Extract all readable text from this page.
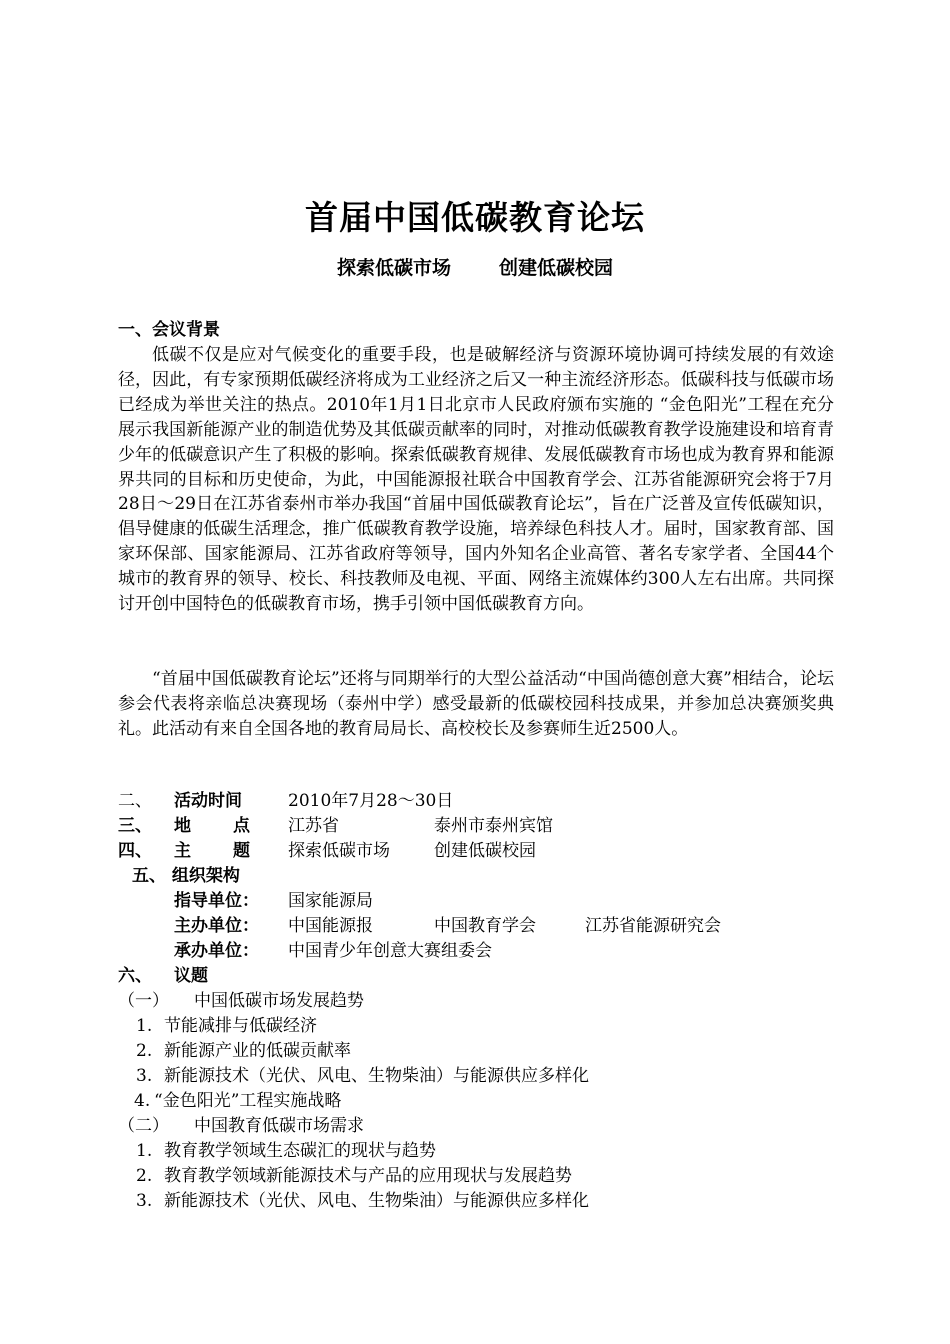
首届中国低碳教育论坛
探索低碳市场	创建低碳校园
一、会议背景

低碳不仅是应对气候变化的重要手段，也是破解经济与资源环境协调可持续发展的有效途径，因此，有专家预期低碳经济将成为工业经济之后又一种主流经济形态。低碳科技与低碳市场已经成为举世关注的热点。2010年1月1日北京市人民政府颁布实施的 “金色阳光”工程在充分展示我国新能源产业的制造优势及其低碳贡献率的同时，对推动低碳教育教学设施建设和培育青少年的低碳意识产生了积极的影响。探索低碳教育规律、发展低碳教育市场也成为教育界和能源界共同的目标和历史使命，为此，中国能源报社联合中国教育学会、江苏省能源研究会将于7月28日～29日在江苏省泰州市举办我国“首届中国低碳教育论坛”，旨在广泛普及宣传低碳知识，倡导健康的低碳生活理念，推广低碳教育教学设施，培养绿色科技人才。届时，国家教育部、国家环保部、国家能源局、江苏省政府等领导，国内外知名企业高管、著名专家学者、全国44个城市的教育界的领导、校长、科技教师及电视、平面、网络主流媒体约300人左右出席。共同探讨开创中国特色的低碳教育市场，携手引领中国低碳教育方向。

“首届中国低碳教育论坛”还将与同期举行的大型公益活动“中国尚德创意大赛”相结合，论坛参会代表将亲临总决赛现场（泰州中学）感受最新的低碳校园科技成果，并参加总决赛颁奖典礼。此活动有来自全国各地的教育局局长、高校校长及参赛师生近2500人。

二、 活动时间	2010年7月28～30日
三、 地 点 江苏省	泰州市泰州宾馆
四、 主 题 探索低碳市场	创建低碳校园
五、 组织架构
指导单位： 国家能源局
主办单位： 中国能源报	中国教育学会	江苏省能源研究会
承办单位： 中国青少年创意大赛组委会
六、 议题
（一） 中国低碳市场发展趋势
1. 节能减排与低碳经济
2. 新能源产业的低碳贡献率
3. 新能源技术（光伏、风电、生物柴油）与能源供应多样化
4. “金色阳光”工程实施战略
（二） 中国教育低碳市场需求
1. 教育教学领域生态碳汇的现状与趋势
2. 教育教学领域新能源技术与产品的应用现状与发展趋势
3. 新能源技术（光伏、风电、生物柴油）与能源供应多样化
